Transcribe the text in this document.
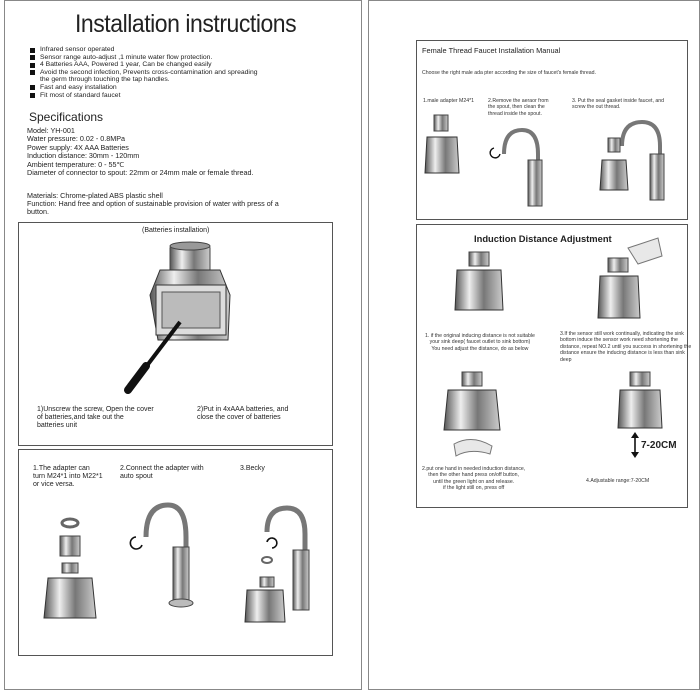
Installation instructions
Infrared sensor operated
Sensor range auto-adjust ,1 minute water flow protection.
4 Batteries AAA, Powered 1 year, Can be changed easily
Avoid the second infection, Prevents cross-contamination and spreading
the germ through touching the tap handles.
Fast and easy installation
Fit most of standard faucet
Specifications
Model: YH-001
Water pressure: 0.02 - 0.8MPa
Power supply: 4X AAA Batteries
Induction distance: 30mm - 120mm
Ambient temperature: 0 - 55℃
Diameter of connector to spout: 22mm or 24mm male or female thread.
Materials: Chrome-plated ABS plastic shell
Function: Hand free and option of sustainable provision of water with press of a
button.
(Batteries installation)
1)Unscrew the screw, Open the cover
of batteries,and take out the
batteries unit
2)Put in 4xAAA batteries, and
close the cover of batteries
1.The adapter can
turn M24*1 into M22*1
or vice versa.
2.Connect the adapter with
auto spout
3.Becky
Female Thread Faucet Installation Manual
Choose the right male ada pter according the size of faucet's female thread.
1.male adapter M24*1	2.Remove the aeraor from
the spout, then clean the
thread inside the spout.
3. Put the seal gasket inside faucet, and
screw the out thread.
Induction Distance Adjustment
1. if the original inducing distance is not suitable
your sink deep( faucet outlet to sink bottom)
You need adjust the distance, do as below
3.If the sensor still work continually, indicating the sink
bottom induce the sensor work need shortening the
distance, repeat NO.2 until you success in shortening the
distance ensure the inducing distance is less than sink
deep
7-20CM
2.put one hand in needed induction distance,
then the other hand press on/off button,
until the green light on and release.
if the light still on, press off
4.Adjustable range:7-20CM
